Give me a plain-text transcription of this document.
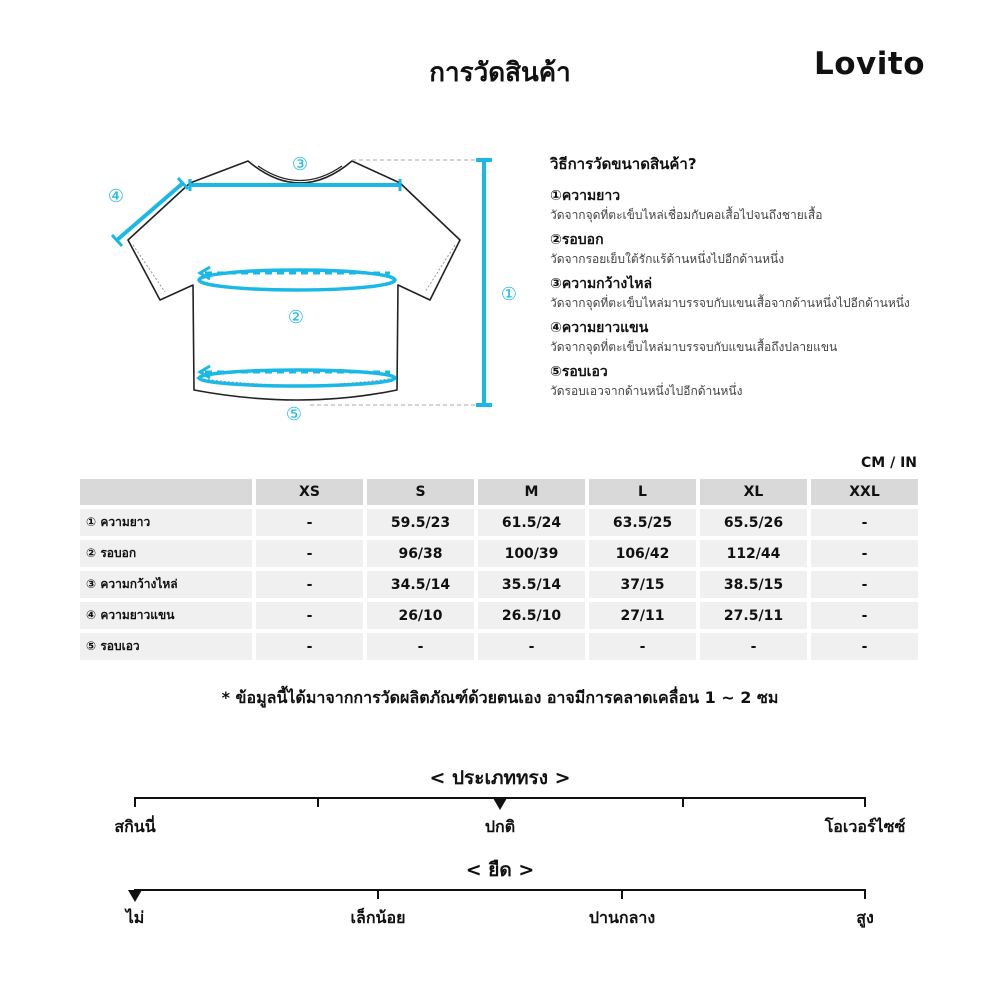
การวัดสินค้า	Lovito
①
②
③
④
⑤
วิธีการวัดขนาดสินค้า?
①ความยาว
วัดจากจุดที่ตะเข็บไหล่เชื่อมกับคอเสื้อไปจนถึงชายเสื้อ
②รอบอก
วัดจากรอยเย็บใต้รักแร้ด้านหนึ่งไปอีกด้านหนึ่ง
③ความกว้างไหล่
วัดจากจุดที่ตะเข็บไหล่มาบรรจบกับแขนเสื้อจากด้านหนึ่งไปอีกด้านหนึ่ง
④ความยาวแขน
วัดจากจุดที่ตะเข็บไหล่มาบรรจบกับแขนเสื้อถึงปลายแขน
⑤รอบเอว
วัดรอบเอวจากด้านหนึ่งไปอีกด้านหนึ่ง
CM / IN
	XS	S	M	L	XL	XXL
① ความยาว	-	59.5/23	61.5/24	63.5/25	65.5/26	-
② รอบอก	-	96/38	100/39	106/42	112/44	-
③ ความกว้างไหล่	-	34.5/14	35.5/14	37/15	38.5/15	-
④ ความยาวแขน	-	26/10	26.5/10	27/11	27.5/11	-
⑤ รอบเอว	-	-	-	-	-	-
* ข้อมูลนี้ได้มาจากการวัดผลิตภัณฑ์ด้วยตนเอง อาจมีการคลาดเคลื่อน 1 ~ 2 ซม
< ประเภททรง >
สกินนี่	ปกติ	โอเวอร์ไซซ์
< ยืด >
ไม่	เล็กน้อย	ปานกลาง	สูง
